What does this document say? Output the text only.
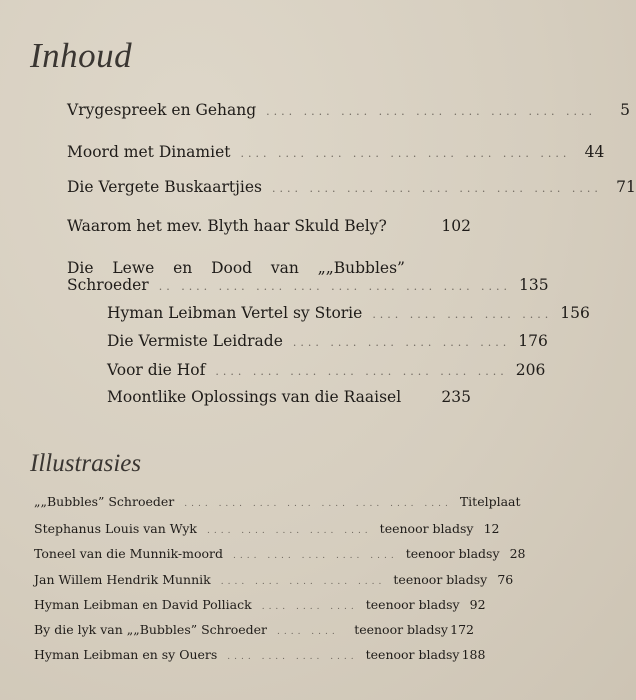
Inhoud
Vrygespreek en Gehang .... .... .... .... .... .... .... .... ....	5
Moord met Dinamiet .... .... .... .... .... .... .... .... .... 44
Die Vergete Buskaartjies .... .... .... .... .... .... .... .... .... 71
Waarom het mev. Blyth haar Skuld Bely?	102
Die Lewe en Dood van „„Bubbles”
Schroeder .. .... .... .... .... .... .... .... .... .... 135
Hyman Leibman Vertel sy Storie .... .... .... .... .... 156
Die Vermiste Leidrade .... .... .... .... .... .... 176
Voor die Hof .... .... .... .... .... .... .... .... 206
Moontlike Oplossings van die Raaisel	235
Illustrasies
„„Bubbles” Schroeder	.... .... .... .... .... .... .... .... Titelplaat
Stephanus Louis van Wyk	.... .... .... .... .... teenoor bladsy 12
Toneel van die Munnik-moord	.... .... .... .... .... teenoor bladsy 28
Jan Willem Hendrik Munnik	.... .... .... .... .... teenoor bladsy 76
Hyman Leibman en David Polliack	.... .... .... teenoor bladsy 92
By die lyk van „„Bubbles” Schroeder	.... ....	teenoor bladsy 172
Hyman Leibman en sy Ouers	.... .... .... .... teenoor bladsy 188
